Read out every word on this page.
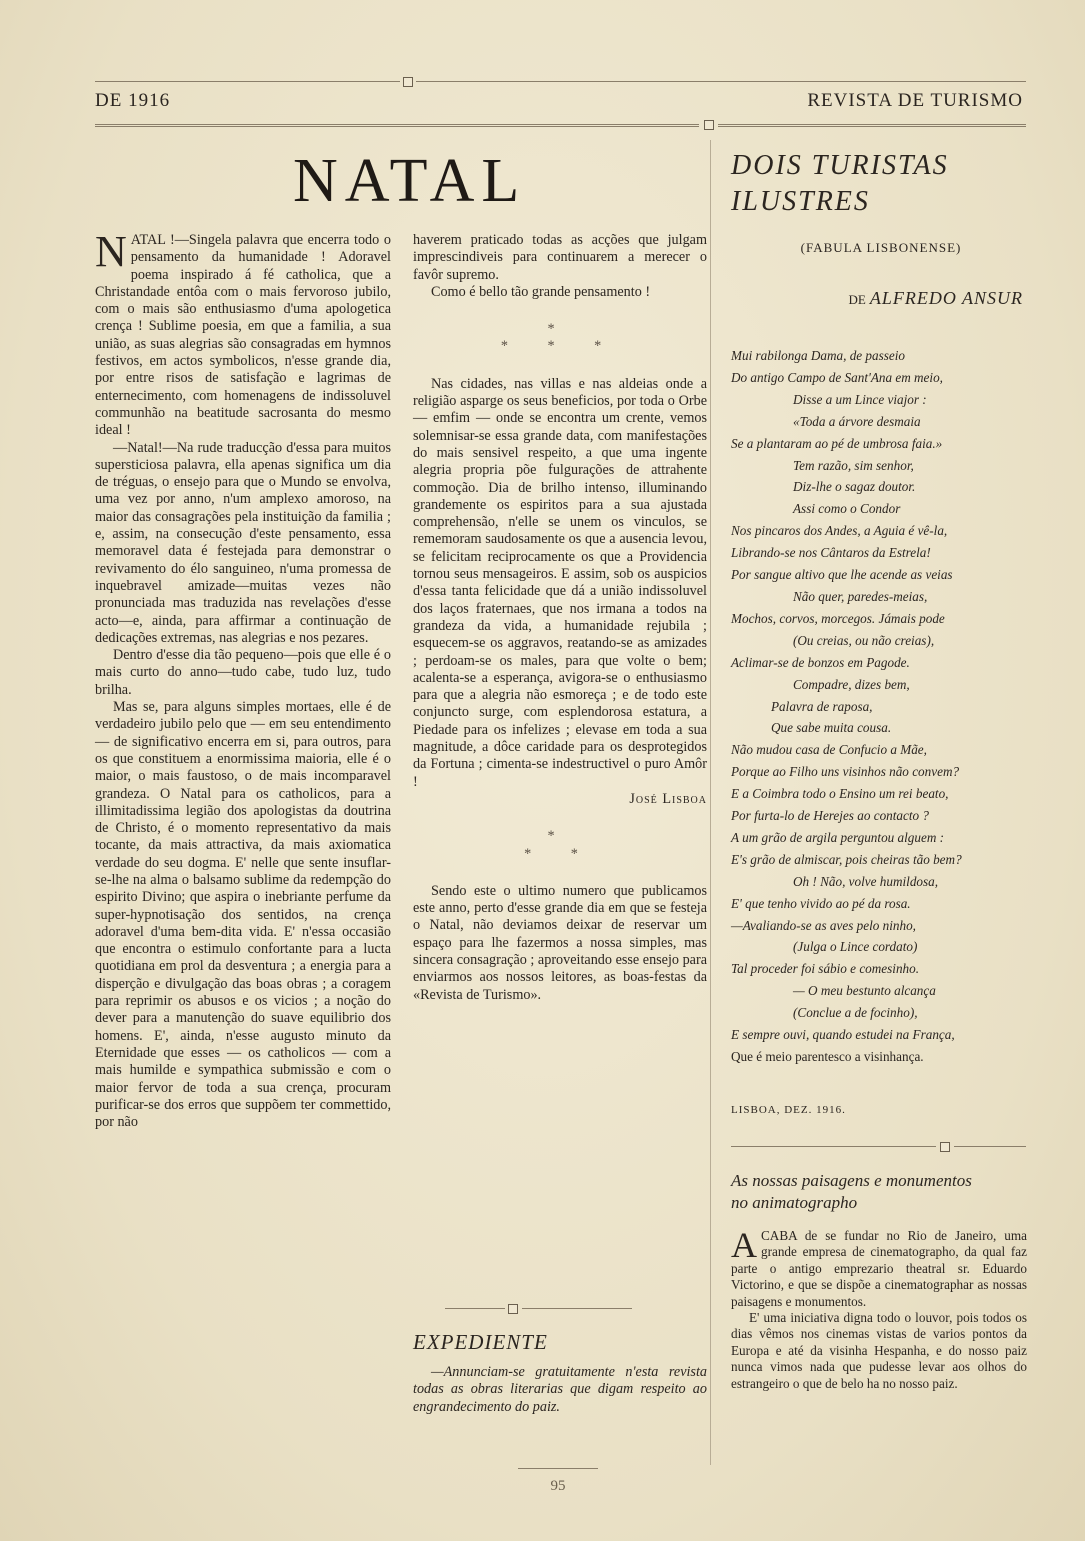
DE 1916	REVISTA DE TURISMO
NATAL

NATAL !—Singela palavra que encerra todo o pensamento da humanidade ! Adoravel poema inspirado á fé catholica, que a Christandade entôa com o mais fervoroso jubilo, com o mais são enthusiasmo d'uma apologetica crença ! Sublime poesia, em que a familia, a sua união, as suas alegrias são consagradas em hymnos festivos, em actos symbolicos, n'esse grande dia, por entre risos de satisfação e lagrimas de enternecimento, com homenagens de indissoluvel communhão na beatitude sacrosanta do mesmo ideal !

—Natal!—Na rude traducção d'essa para muitos supersticiosa palavra, ella apenas significa um dia de tréguas, o ensejo para que o Mundo se envolva, uma vez por anno, n'um amplexo amoroso, na maior das consagrações pela instituição da familia ; e, assim, na consecução d'este pensamento, essa memoravel data é festejada para demonstrar o revivamento do élo sanguineo, n'uma promessa de inquebravel amizade—muitas vezes não pronunciada mas traduzida nas revelações d'esse acto—e, ainda, para affirmar a continuação de dedicações extremas, nas alegrias e nos pezares.

Dentro d'esse dia tão pequeno—pois que elle é o mais curto do anno—tudo cabe, tudo luz, tudo brilha.

Mas se, para alguns simples mortaes, elle é de verdadeiro jubilo pelo que — em seu entendimento — de significativo encerra em si, para outros, para os que constituem a enormissima maioria, elle é o maior, o mais faustoso, o de mais incomparavel grandeza. O Natal para os catholicos, para a illimitadissima legião dos apologistas da doutrina de Christo, é o momento representativo da mais tocante, da mais attractiva, da mais axiomatica verdade do seu dogma. E' nelle que sente insuflar-se-lhe na alma o balsamo sublime da redempção do espirito Divino; que aspira o inebriante perfume da super-hypnotisação dos sentidos, na crença adoravel d'uma bem-dita vida. E' n'essa occasião que encontra o estimulo confortante para a lucta quotidiana em prol da desventura ; a energia para a disperção e divulgação das boas obras ; a coragem para reprimir os abusos e os vicios ; a noção do dever para a manutenção do suave equilibrio dos homens. E', ainda, n'esse augusto minuto da Eternidade que esses — os catholicos — com a mais humilde e sympathica submissão e com o maior fervor de toda a sua crença, procuram purificar-se dos erros que suppõem ter commettido, por não

haverem praticado todas as acções que julgam imprescindiveis para continuarem a merecer o favôr supremo.

Como é bello tão grande pensamento !

*
* * *

Nas cidades, nas villas e nas aldeias onde a religião asparge os seus beneficios, por toda o Orbe — emfim — onde se encontra um crente, vemos solemnisar-se essa grande data, com manifestações do mais sensivel respeito, a que uma ingente alegria propria põe fulgurações de attrahente commoção. Dia de brilho intenso, illuminando grandemente os espiritos para a sua ajustada comprehensão, n'elle se unem os vinculos, se rememoram saudosamente os que a ausencia levou, se felicitam reciprocamente os que a Providencia tornou seus mensageiros. E assim, sob os auspicios d'essa tanta felicidade que dá a união indissoluvel dos laços fraternaes, que nos irmana a todos na grandeza da vida, a humanidade rejubila ; esquecem-se os aggravos, reatando-se as amizades ; perdoam-se os males, para que volte o bem; acalenta-se a esperança, avigora-se o enthusiasmo para que a alegria não esmoreça ; e de todo este conjuncto surge, com esplendorosa estatura, a Piedade para os infelizes ; elevase em toda a sua magnitude, a dôce caridade para os desprotegidos da Fortuna ; cimenta-se indestructivel o puro Amôr !

José Lisboa

*
* *

Sendo este o ultimo numero que publicamos este anno, perto d'esse grande dia em que se festeja o Natal, não deviamos deixar de reservar um espaço para lhe fazermos a nossa simples, mas sincera consagração ; aproveitando esse ensejo para enviarmos aos nossos leitores, as boas-festas da «Revista de Turismo».

EXPEDIENTE

—Annunciam-se gratuitamente n'esta revista todas as obras literarias que digam respeito ao engrandecimento do paiz.

DOIS TURISTAS
ILUSTRES
(FABULA LISBONENSE)
DE ALFREDO ANSUR
Mui rabilonga Dama, de passeio
Do antigo Campo de Sant'Ana em meio,
Disse a um Lince viajor :
«Toda a árvore desmaia
Se a plantaram ao pé de umbrosa faia.»
Tem razão, sim senhor,
Diz-lhe o sagaz doutor.
Assi como o Condor
Nos pincaros dos Andes, a Aguia é vê-la,
Librando-se nos Cântaros da Estrela!
Por sangue altivo que lhe acende as veias
Não quer, paredes-meias,
Mochos, corvos, morcegos. Jámais pode
(Ou creias, ou não creias),
Aclimar-se de bonzos em Pagode.
Compadre, dizes bem,
Palavra de raposa,
Que sabe muita cousa.
Não mudou casa de Confucio a Mãe,
Porque ao Filho uns visinhos não convem?
E a Coimbra todo o Ensino um rei beato,
Por furta-lo de Herejes ao contacto ?
A um grão de argila perguntou alguem :
E's grão de almiscar, pois cheiras tão bem?
Oh ! Não, volve humildosa,
E' que tenho vivido ao pé da rosa.
—Avaliando-se as aves pelo ninho,
(Julga o Lince cordato)
Tal proceder foi sábio e comesinho.
— O meu bestunto alcança
(Conclue a de focinho),
E sempre ouvi, quando estudei na França,
Que é meio parentesco a visinhança.
LISBOA, DEZ. 1916.
As nossas paisagens e monumentos
no animatographo

ACABA de se fundar no Rio de Janeiro, uma grande empresa de cinematographo, da qual faz parte o antigo emprezario theatral sr. Eduardo Victorino, e que se dispõe a cinematographar as nossas paisagens e monumentos.

E' uma iniciativa digna todo o louvor, pois todos os dias vêmos nos cinemas vistas de varios pontos da Europa e até da visinha Hespanha, e do nosso paiz nunca vimos nada que pudesse levar aos olhos do estrangeiro o que de belo ha no nosso paiz.

95
